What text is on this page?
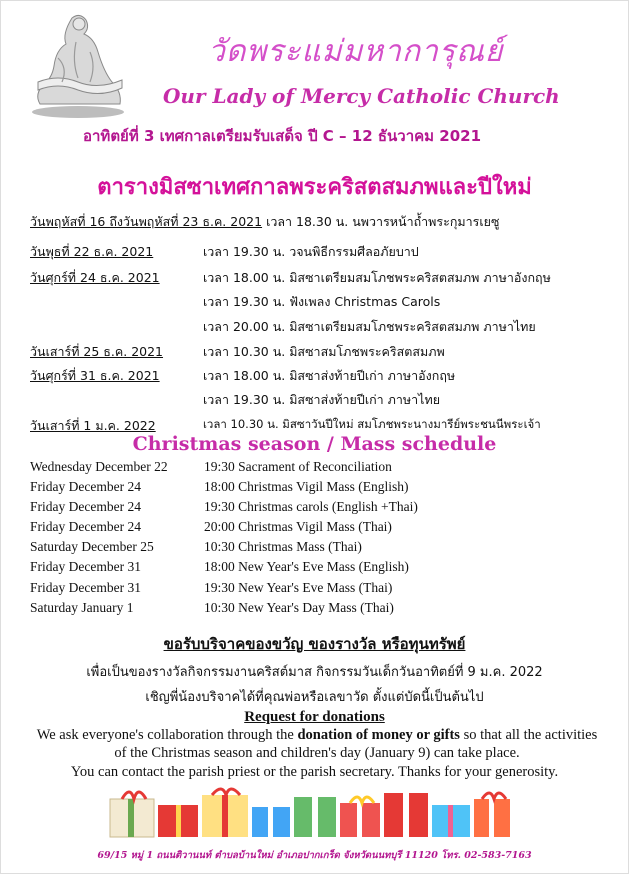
วัดพระแม่มหาการุณย์
Our Lady of Mercy Catholic Church
อาทิตย์ที่ 3 เทศกาลเตรียมรับเสด็จ ปี C – 12 ธันวาคม 2021
ตารางมิสซาเทศกาลพระคริสตสมภพและปีใหม่
วันพฤหัสที่ 16 ถึงวันพฤหัสที่ 23 ธ.ค. 2021 เวลา 18.30 น. นพวารหน้าถ้ำพระกุมารเยซู
วันพุธที่ 22 ธ.ค. 2021	เวลา 19.30 น. วจนพิธีกรรมศีลอภัยบาป
วันศุกร์ที่ 24 ธ.ค. 2021	เวลา 18.00 น. มิสซาเตรียมสมโภชพระคริสตสมภพ ภาษาอังกฤษ
เวลา 19.30 น. ฟังเพลง Christmas Carols
เวลา 20.00 น. มิสซาเตรียมสมโภชพระคริสตสมภพ ภาษาไทย
วันเสาร์ที่ 25 ธ.ค. 2021	เวลา 10.30 น. มิสซาสมโภชพระคริสตสมภพ
วันศุกร์ที่ 31 ธ.ค. 2021	เวลา 18.00 น. มิสซาส่งท้ายปีเก่า ภาษาอังกฤษ
เวลา 19.30 น. มิสซาส่งท้ายปีเก่า ภาษาไทย
วันเสาร์ที่ 1 ม.ค. 2022	เวลา 10.30 น. มิสซาวันปีใหม่ สมโภชพระนางมารีย์พระชนนีพระเจ้า
Christmas season / Mass schedule
Wednesday December 22	19:30 Sacrament of Reconciliation
Friday December 24	18:00 Christmas Vigil Mass (English)
Friday December 24	19:30 Christmas carols (English +Thai)
Friday December 24	20:00 Christmas Vigil Mass (Thai)
Saturday December 25	10:30 Christmas Mass (Thai)
Friday December 31	18:00 New Year's Eve Mass (English)
Friday December 31	19:30 New Year's Eve Mass (Thai)
Saturday January 1	10:30 New Year's Day Mass (Thai)
ขอรับบริจาคของขวัญ ของรางวัล หรือทุนทรัพย์
เพื่อเป็นของรางวัลกิจกรรมงานคริสต์มาส กิจกรรมวันเด็กวันอาทิตย์ที่ 9 ม.ค. 2022
เชิญพี่น้องบริจาคได้ที่คุณพ่อหรือเลขาวัด ตั้งแต่บัดนี้เป็นต้นไป
Request for donations
We ask everyone's collaboration through the donation of money or gifts so that all the activities of the Christmas season and children's day (January 9) can take place.
You can contact the parish priest or the parish secretary. Thanks for your generosity.
69/15 หมู่ 1 ถนนติวานนท์ ตำบลบ้านใหม่ อำเภอปากเกร็ด จังหวัดนนทบุรี 11120 โทร. 02-583-7163
